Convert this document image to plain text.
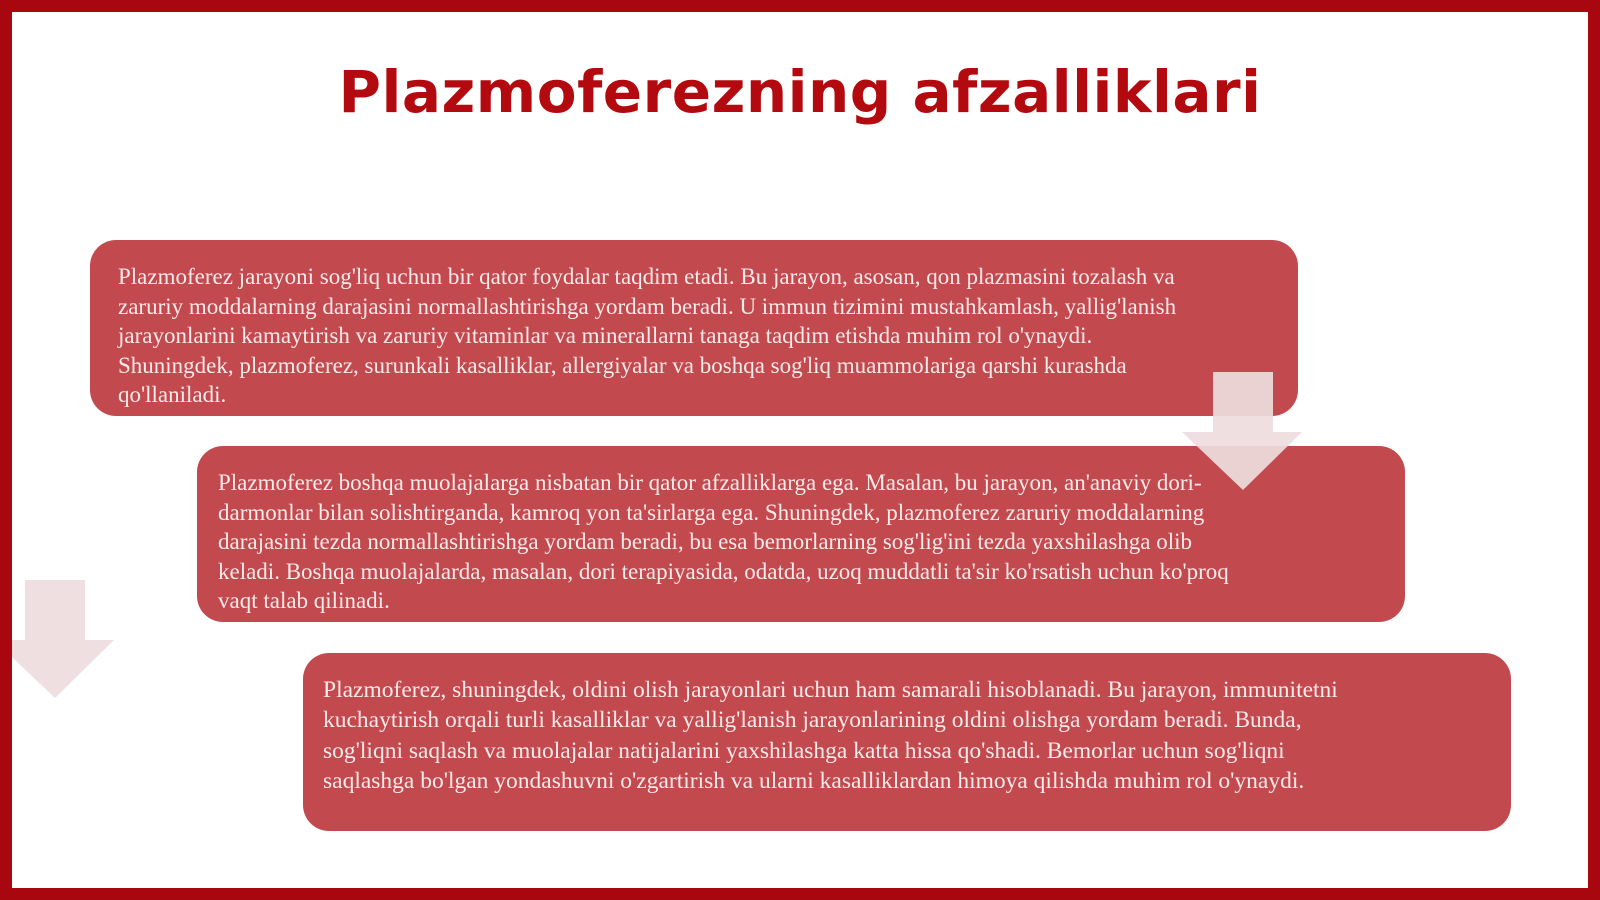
Plazmoferezning afzalliklari
Plazmoferez jarayoni sog'liq uchun bir qator foydalar taqdim etadi. Bu jarayon, asosan, qon plazmasini tozalash va zaruriy moddalarning darajasini normallashtirishga yordam beradi. U immun tizimini mustahkamlash, yallig'lanish jarayonlarini kamaytirish va zaruriy vitaminlar va minerallarni tanaga taqdim etishda muhim rol o'ynaydi. Shuningdek, plazmoferez, surunkali kasalliklar, allergiyalar va boshqa sog'liq muammolariga qarshi kurashda qo'llaniladi.
Plazmoferez boshqa muolajalarga nisbatan bir qator afzalliklarga ega. Masalan, bu jarayon, an'anaviy dori-darmonlar bilan solishtirganda, kamroq yon ta'sirlarga ega. Shuningdek, plazmoferez zaruriy moddalarning darajasini tezda normallashtirishga yordam beradi, bu esa bemorlarning sog'lig'ini tezda yaxshilashga olib keladi. Boshqa muolajalarda, masalan, dori terapiyasida, odatda, uzoq muddatli ta'sir ko'rsatish uchun ko'proq vaqt talab qilinadi.
Plazmoferez, shuningdek, oldini olish jarayonlari uchun ham samarali hisoblanadi. Bu jarayon, immunitetni kuchaytirish orqali turli kasalliklar va yallig'lanish jarayonlarining oldini olishga yordam beradi. Bunda, sog'liqni saqlash va muolajalar natijalarini yaxshilashga katta hissa qo'shadi. Bemorlar uchun sog'liqni saqlashga bo'lgan yondashuvni o'zgartirish va ularni kasalliklardan himoya qilishda muhim rol o'ynaydi.
